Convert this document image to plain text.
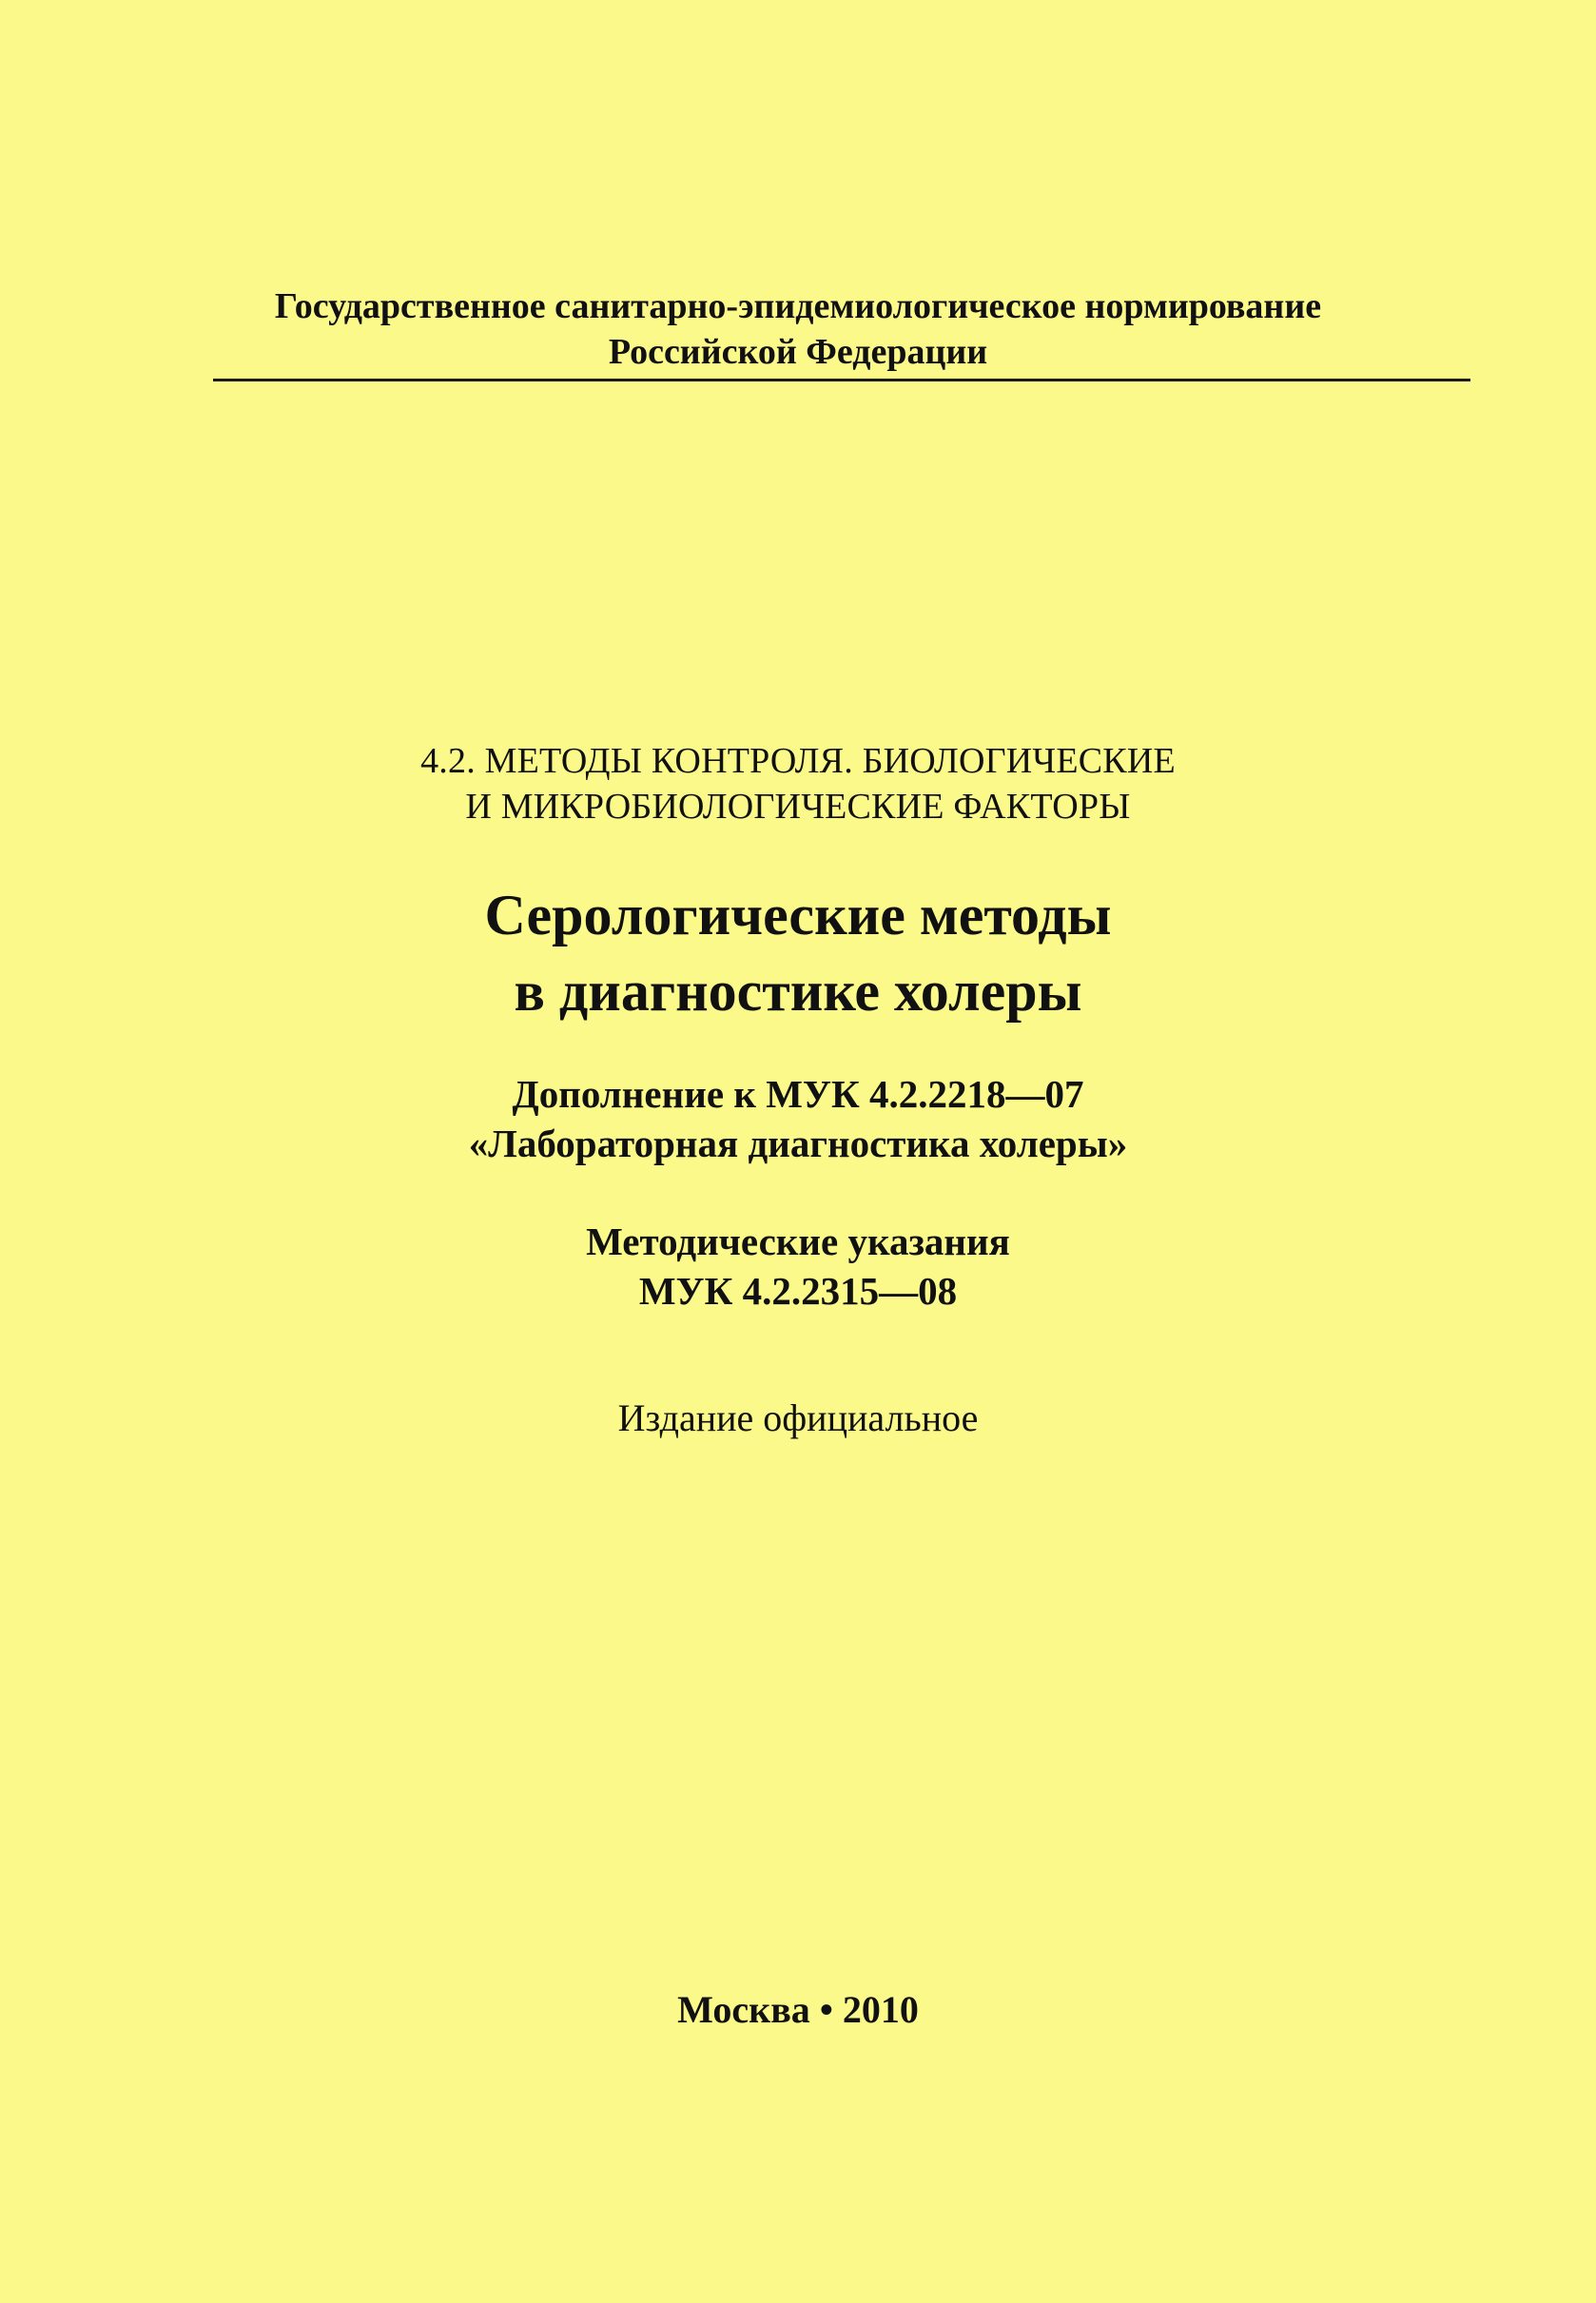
Государственное санитарно-эпидемиологическое нормирование
Российской Федерации
4.2. МЕТОДЫ КОНТРОЛЯ. БИОЛОГИЧЕСКИЕ
И МИКРОБИОЛОГИЧЕСКИЕ ФАКТОРЫ
Серологические методы
в диагностике холеры
Дополнение к МУК 4.2.2218—07
«Лабораторная диагностика холеры»
Методические указания
МУК 4.2.2315—08
Издание официальное
Москва • 2010
